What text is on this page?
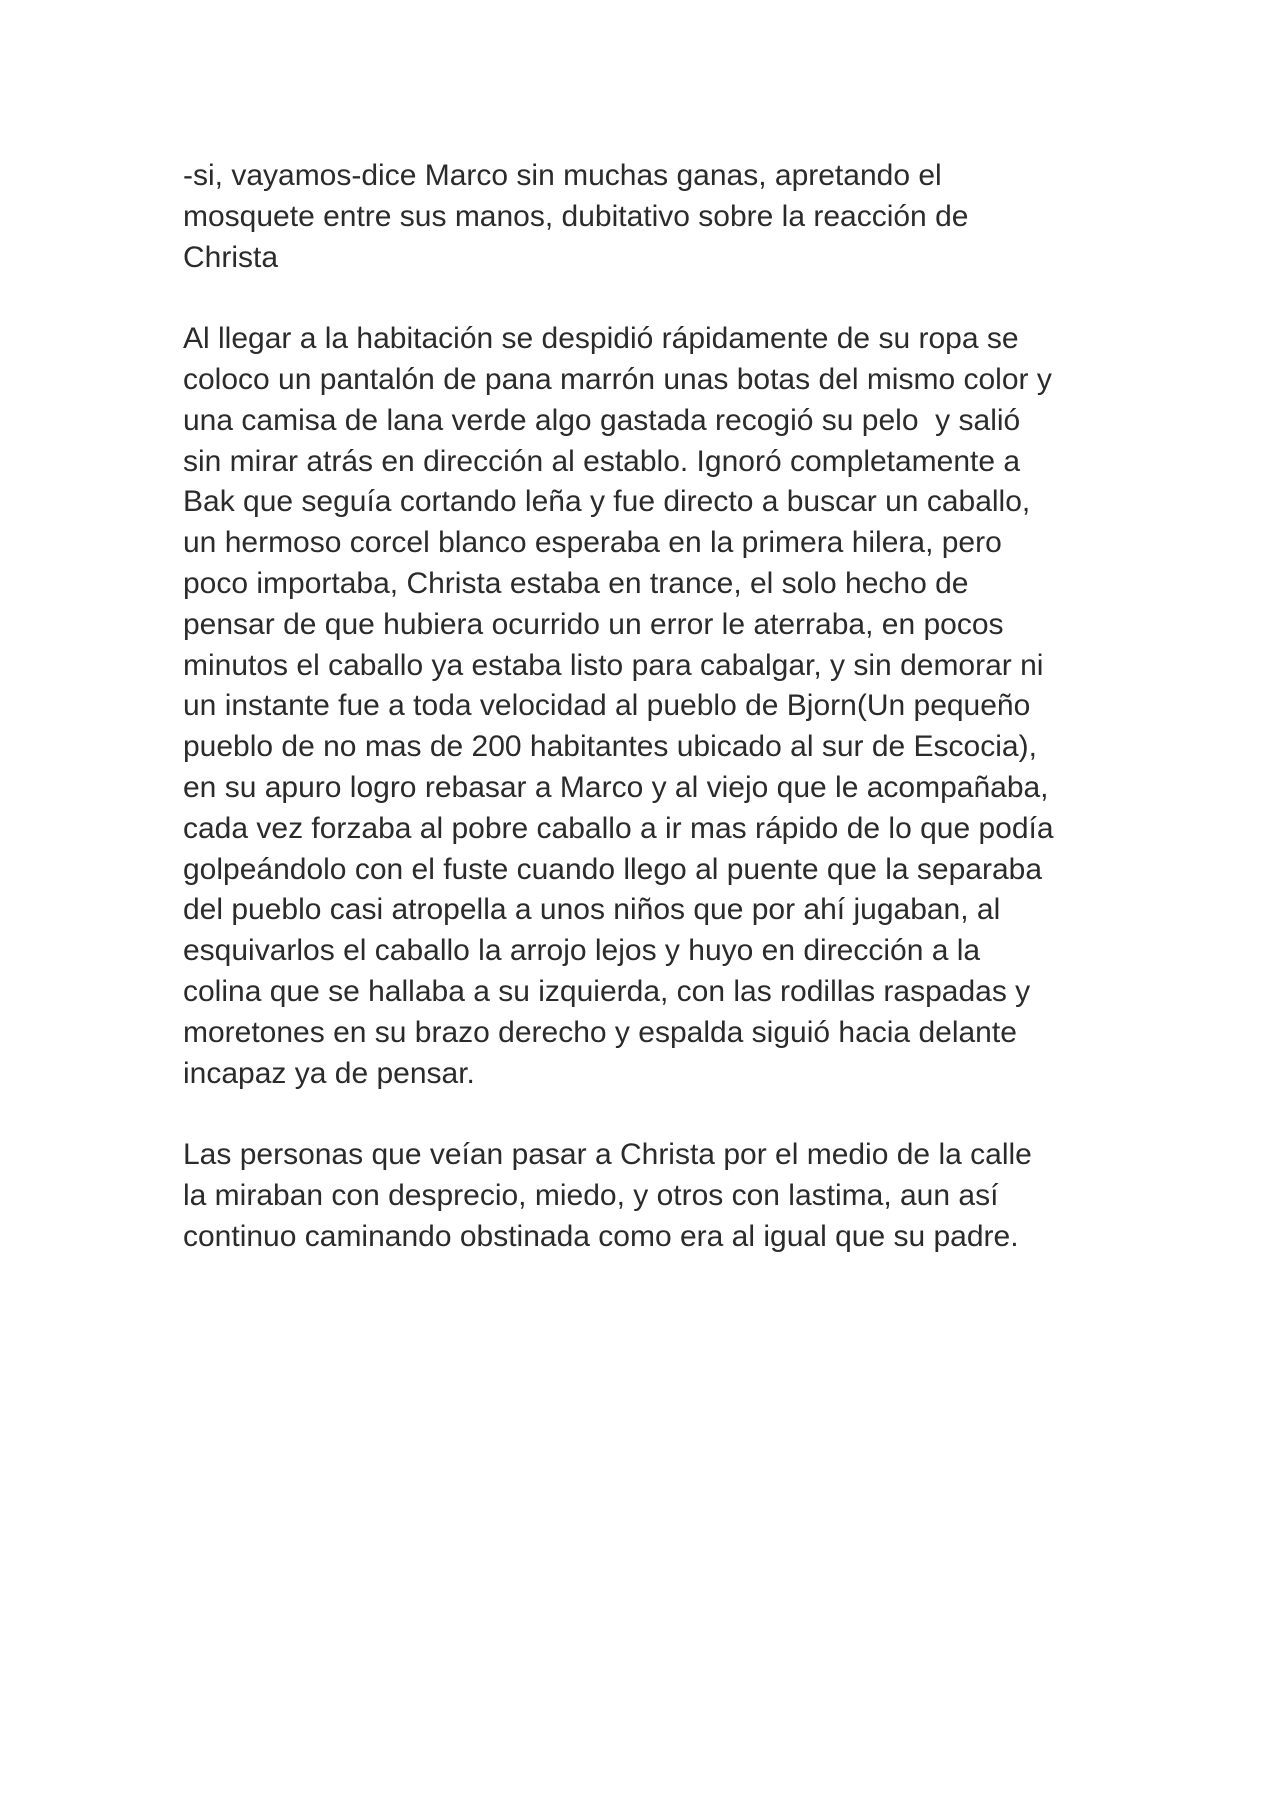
-si, vayamos-dice Marco sin muchas ganas, apretando el
mosquete entre sus manos, dubitativo sobre la reacción de
Christa

Al llegar a la habitación se despidió rápidamente de su ropa se
coloco un pantalón de pana marrón unas botas del mismo color y
una camisa de lana verde algo gastada recogió su pelo  y salió
sin mirar atrás en dirección al establo. Ignoró completamente a
Bak que seguía cortando leña y fue directo a buscar un caballo,
un hermoso corcel blanco esperaba en la primera hilera, pero
poco importaba, Christa estaba en trance, el solo hecho de
pensar de que hubiera ocurrido un error le aterraba, en pocos
minutos el caballo ya estaba listo para cabalgar, y sin demorar ni
un instante fue a toda velocidad al pueblo de Bjorn(Un pequeño
pueblo de no mas de 200 habitantes ubicado al sur de Escocia),
en su apuro logro rebasar a Marco y al viejo que le acompañaba,
cada vez forzaba al pobre caballo a ir mas rápido de lo que podía
golpeándolo con el fuste cuando llego al puente que la separaba
del pueblo casi atropella a unos niños que por ahí jugaban, al
esquivarlos el caballo la arrojo lejos y huyo en dirección a la
colina que se hallaba a su izquierda, con las rodillas raspadas y
moretones en su brazo derecho y espalda siguió hacia delante
incapaz ya de pensar.

Las personas que veían pasar a Christa por el medio de la calle
la miraban con desprecio, miedo, y otros con lastima, aun así
continuo caminando obstinada como era al igual que su padre.
